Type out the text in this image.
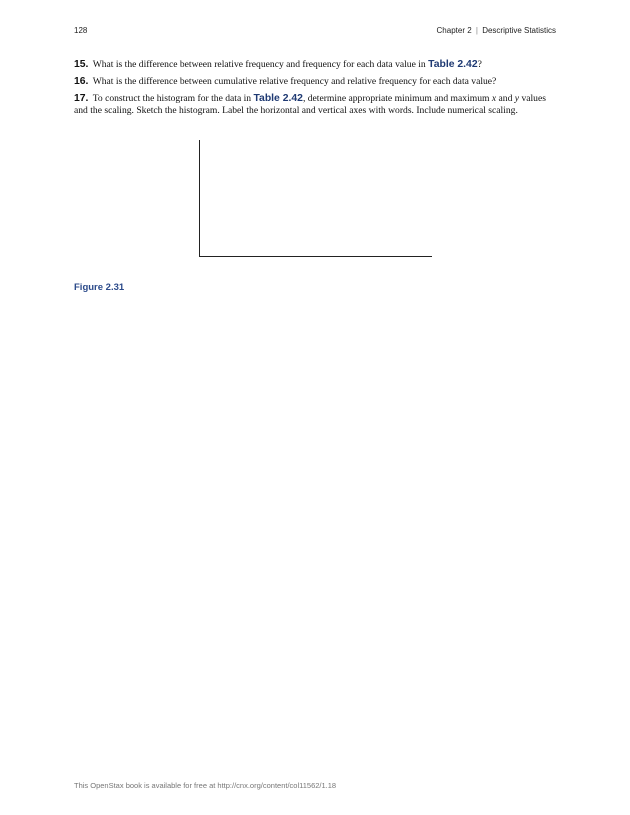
128	Chapter 2 | Descriptive Statistics
15. What is the difference between relative frequency and frequency for each data value in Table 2.42?
16. What is the difference between cumulative relative frequency and relative frequency for each data value?
17. To construct the histogram for the data in Table 2.42, determine appropriate minimum and maximum x and y values and the scaling. Sketch the histogram. Label the horizontal and vertical axes with words. Include numerical scaling.
Figure 2.31
This OpenStax book is available for free at http://cnx.org/content/col11562/1.18
